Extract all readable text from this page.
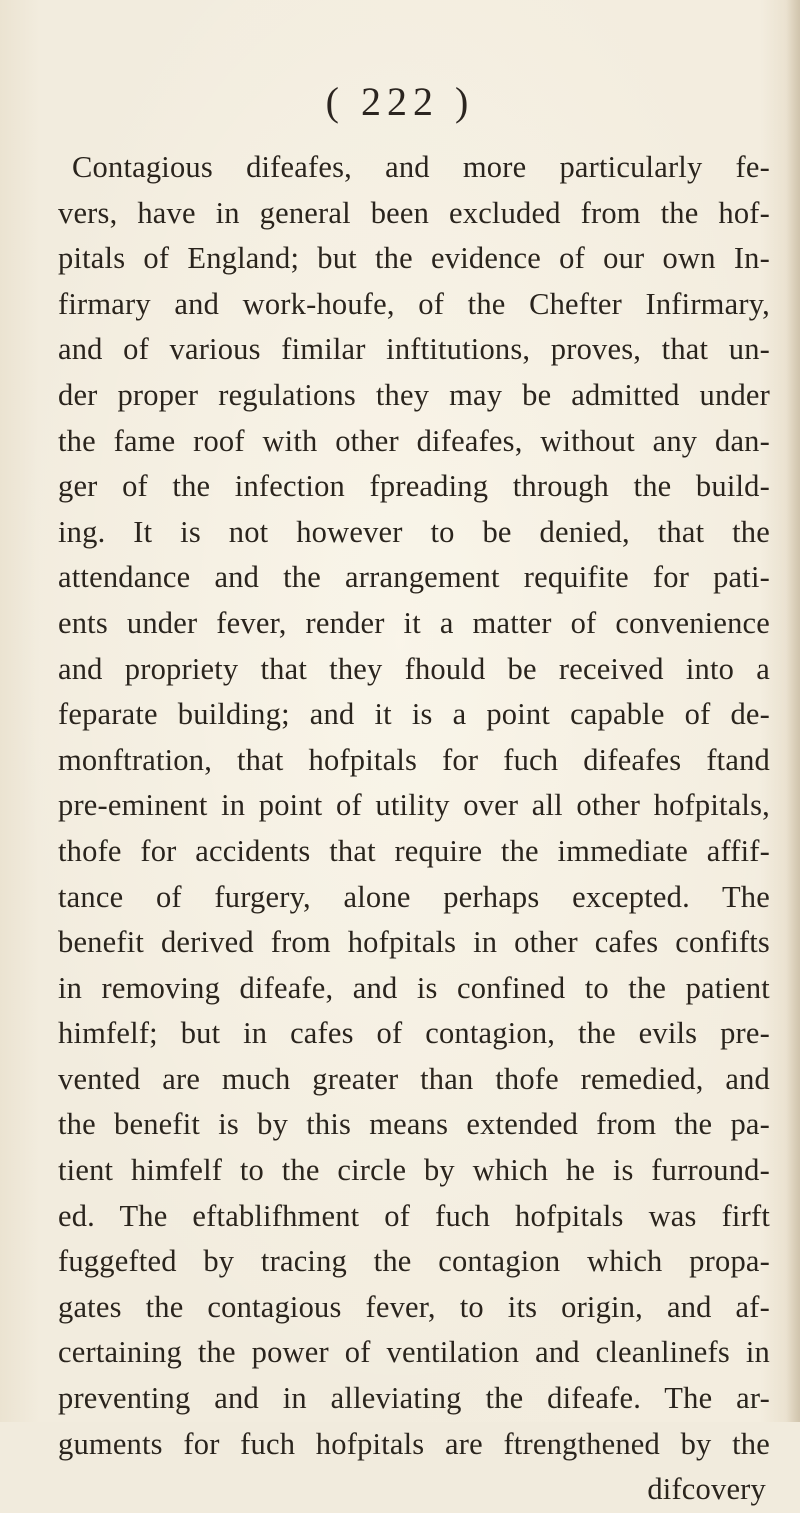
( 222 )
Contagious difeafes, and more particularly fe-
vers, have in general been excluded from the hof-
pitals of England; but the evidence of our own In-
firmary and work-houfe, of the Chefter Infirmary,
and of various fimilar inftitutions, proves, that un-
der proper regulations they may be admitted under
the fame roof with other difeafes, without any dan-
ger of the infection fpreading through the build-
ing. It is not however to be denied, that the
attendance and the arrangement requifite for pati-
ents under fever, render it a matter of convenience
and propriety that they fhould be received into a
feparate building; and it is a point capable of de-
monftration, that hofpitals for fuch difeafes ftand
pre-eminent in point of utility over all other hofpitals,
thofe for accidents that require the immediate affif-
tance of furgery, alone perhaps excepted. The
benefit derived from hofpitals in other cafes confifts
in removing difeafe, and is confined to the patient
himfelf; but in cafes of contagion, the evils pre-
vented are much greater than thofe remedied, and
the benefit is by this means extended from the pa-
tient himfelf to the circle by which he is furround-
ed. The eftablifhment of fuch hofpitals was firft
fuggefted by tracing the contagion which propa-
gates the contagious fever, to its origin, and af-
certaining the power of ventilation and cleanlinefs in
preventing and in alleviating the difeafe. The ar-
guments for fuch hofpitals are ftrengthened by the
difcovery
